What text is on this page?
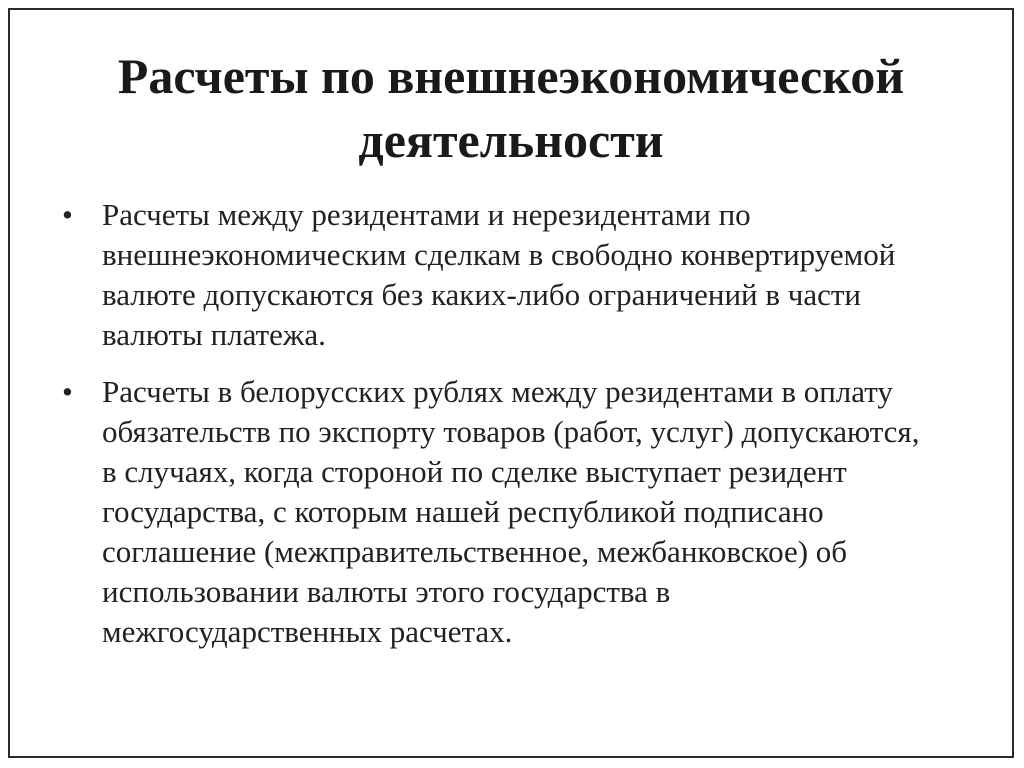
Расчеты по внешнеэкономической
деятельности
• Расчеты между резидентами и нерезидентами по внешнеэкономическим сделкам в свободно конвертируемой валюте допускаются без каких-либо ограничений в части валюты платежа.
• Расчеты в белорусских рублях между резидентами в оплату обязательств по экспорту товаров (работ, услуг) допускаются, в случаях, когда стороной по сделке выступает резидент государства, с которым нашей республикой подписано соглашение (межправительственное, межбанковское) об использовании валюты этого государства в межгосударственных расчетах.
